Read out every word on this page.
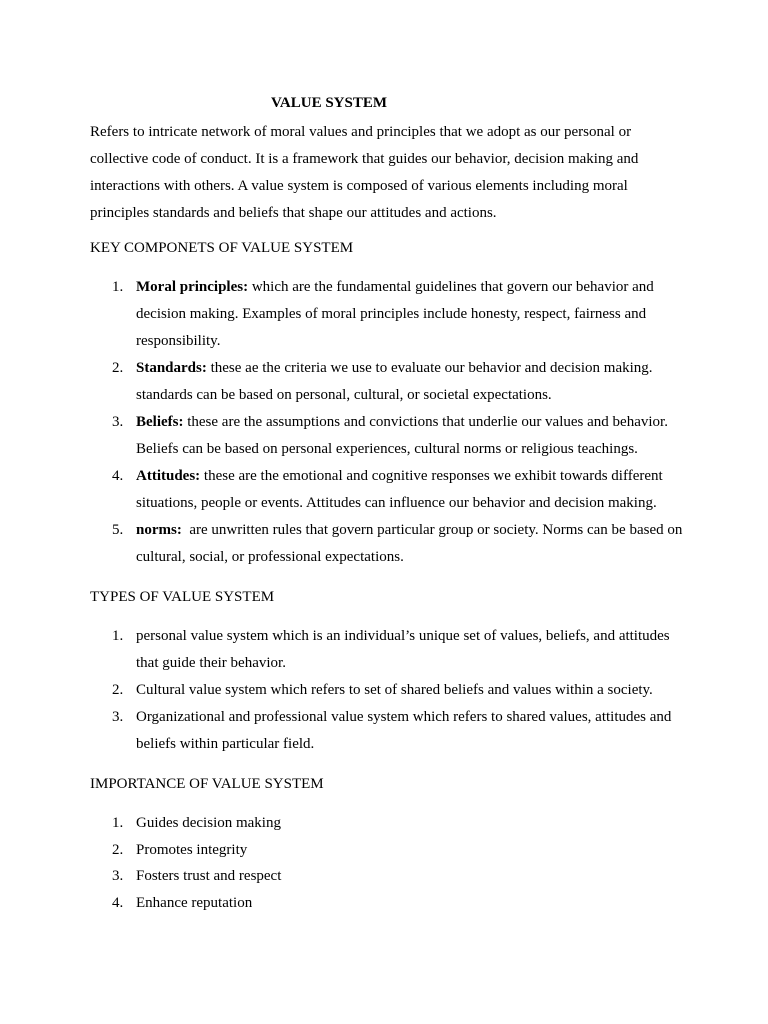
VALUE SYSTEM

Refers to intricate network of moral values and principles that we adopt as our personal or collective code of conduct. It is a framework that guides our behavior, decision making and interactions with others. A value system is composed of various elements including moral principles standards and beliefs that shape our attitudes and actions.

KEY COMPONETS OF VALUE SYSTEM
1. Moral principles: which are the fundamental guidelines that govern our behavior and decision making. Examples of moral principles include honesty, respect, fairness and responsibility.
2. Standards: these ae the criteria we use to evaluate our behavior and decision making. standards can be based on personal, cultural, or societal expectations.
3. Beliefs: these are the assumptions and convictions that underlie our values and behavior. Beliefs can be based on personal experiences, cultural norms or religious teachings.
4. Attitudes: these are the emotional and cognitive responses we exhibit towards different situations, people or events. Attitudes can influence our behavior and decision making.
5. norms:  are unwritten rules that govern particular group or society. Norms can be based on cultural, social, or professional expectations.
TYPES OF VALUE SYSTEM
1. personal value system which is an individual’s unique set of values, beliefs, and attitudes that guide their behavior.
2. Cultural value system which refers to set of shared beliefs and values within a society.
3. Organizational and professional value system which refers to shared values, attitudes and beliefs within particular field.
IMPORTANCE OF VALUE SYSTEM
1. Guides decision making
2. Promotes integrity
3. Fosters trust and respect
4. Enhance reputation
